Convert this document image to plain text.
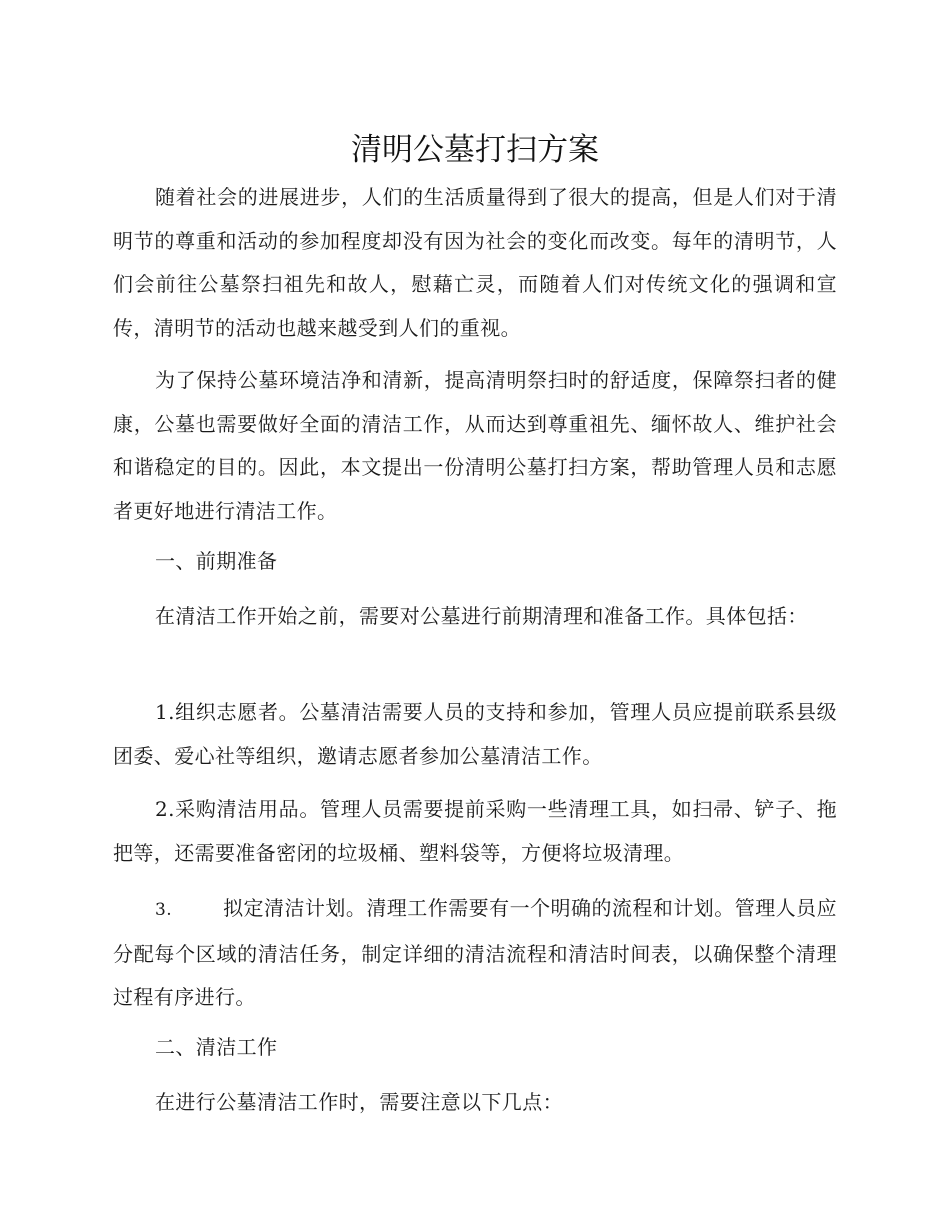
清明公墓打扫方案

随着社会的进展进步，人们的生活质量得到了很大的提高，但是人们对于清明节的尊重和活动的参加程度却没有因为社会的变化而改变。每年的清明节，人们会前往公墓祭扫祖先和故人，慰藉亡灵，而随着人们对传统文化的强调和宣传，清明节的活动也越来越受到人们的重视。

为了保持公墓环境洁净和清新，提高清明祭扫时的舒适度，保障祭扫者的健康，公墓也需要做好全面的清洁工作，从而达到尊重祖先、缅怀故人、维护社会和谐稳定的目的。因此，本文提出一份清明公墓打扫方案，帮助管理人员和志愿者更好地进行清洁工作。

一、前期准备

在清洁工作开始之前，需要对公墓进行前期清理和准备工作。具体包括：

1.组织志愿者。公墓清洁需要人员的支持和参加，管理人员应提前联系县级团委、爱心社等组织，邀请志愿者参加公墓清洁工作。

2.采购清洁用品。管理人员需要提前采购一些清理工具，如扫帚、铲子、拖把等，还需要准备密闭的垃圾桶、塑料袋等，方便将垃圾清理。

3.	拟定清洁计划。清理工作需要有一个明确的流程和计划。管理人员应分配每个区域的清洁任务，制定详细的清洁流程和清洁时间表，以确保整个清理过程有序进行。

二、清洁工作

在进行公墓清洁工作时，需要注意以下几点：
